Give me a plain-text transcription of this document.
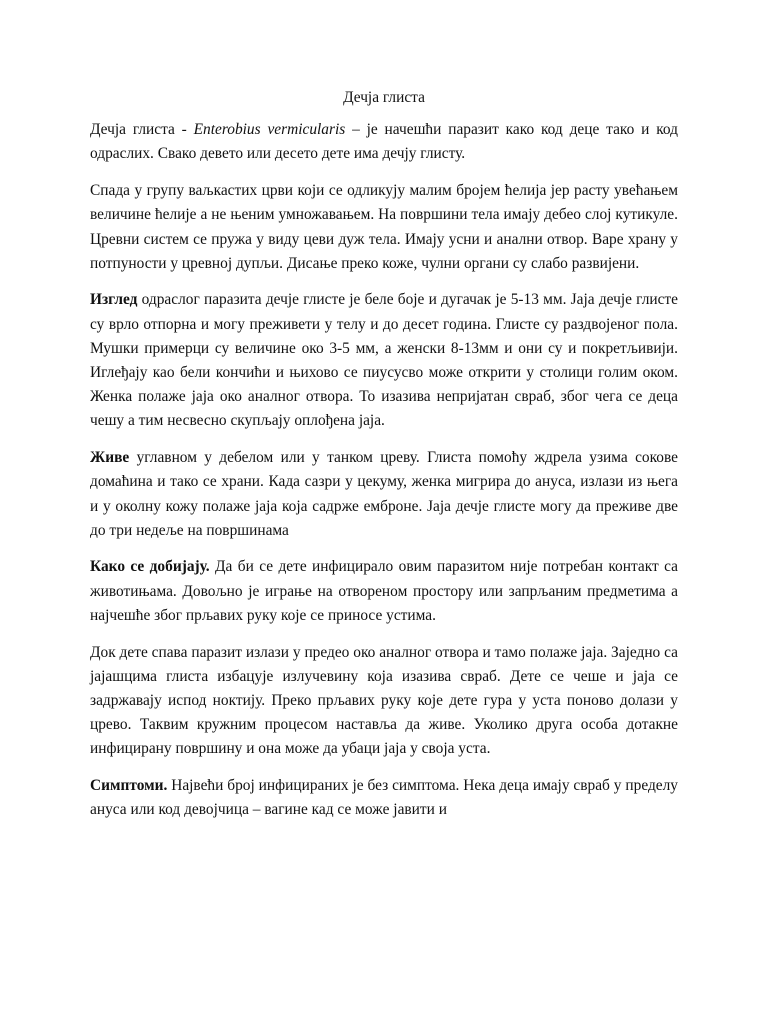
Дечја глиста

Дечја глиста - Enterobius vermicularis – је начешћи паразит како код деце тако и код одраслих. Свако девето или десето дете има дечју глисту.

Спада у групу ваљкастих црви који се одликују малим бројем ћелија јер расту увећањем величине ћелије а не њеним умножавањем. На површини тела имају дебео слој кутикуле. Цревни систем се пружа у виду цеви дуж тела. Имају усни и анални отвор. Варе храну у потпуности у цревној дупљи. Дисање преко коже, чулни органи су слабо развијени.

Изглед одраслог паразита дечје глисте је беле боје и дугачак је 5-13 мм. Јаја дечје глисте су врло отпорна и могу преживети у телу и до десет година. Глисте су раздвојеног пола. Мушки примерци су величине око 3-5 мм, а женски 8-13мм и они су и покретљивији. Иглеђају као бели кончићи и њихово се пиусусво може открити у столици голим оком. Женка полаже јаја око аналног отвора. То изазива непријатан свраб, због чега се деца чешу а тим несвесно скупљају оплођена јаја.

Живе углавном у дебелом или у танком цреву. Глиста помоћу ждрела узима сокове домаћина и тако се храни. Када сазри у цекуму, женка мигрира до ануса, излази из њега и у околну кожу полаже јаја која садрже емброне. Јаја дечје глисте могу да преживе две до три недеље на површинама

Како се добијају. Да би се дете инфицирало овим паразитом није потребан контакт са животињама. Довољно је играње на отвореном простору или запрљаним предметима а најчешће због прљавих руку које се приносе устима.

Док дете спава паразит излази у предео око аналног отвора и тамо полаже јаја. Заједно са јајашцима глиста избацује излучевину која изазива свраб. Дете се чеше и јаја се задржавају испод ноктију. Преко прљавих руку које дете гура у уста поново долази у црево. Таквим кружним процесом наставља да живе. Уколико друга особа дотакне инфицирану површину и она може да убаци јаја у своја уста.

Симптоми. Највећи број инфицираних је без симптома. Нека деца имају свраб у пределу ануса или код девојчица – вагине кад се може јавити и
